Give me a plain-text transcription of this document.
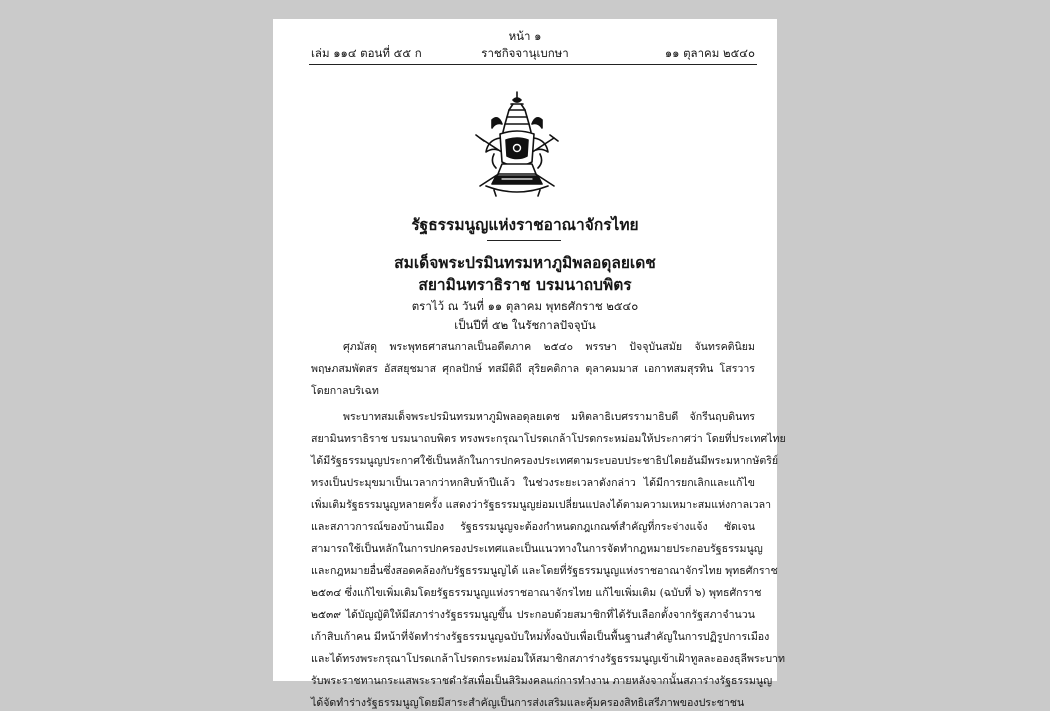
หน้า ๑
เล่ม ๑๑๔ ตอนที่ ๕๕ ก	ราชกิจจานุเบกษา	๑๑ ตุลาคม ๒๕๔๐
รัฐธรรมนูญแห่งราชอาณาจักรไทย
สมเด็จพระปรมินทรมหาภูมิพลอดุลยเดช
สยามินทราธิราช บรมนาถบพิตร
ตราไว้ ณ วันที่ ๑๑ ตุลาคม พุทธศักราช ๒๕๔๐
เป็นปีที่ ๕๒ ในรัชกาลปัจจุบัน
ศุภมัสดุ พระพุทธศาสนกาลเป็นอดีตภาค ๒๕๔๐ พรรษา ปัจจุบันสมัย จันทรคตินิยม
พฤษภสมพัตสร อัสสยุชมาส ศุกลปักษ์ ทสมีดิถี สุริยคติกาล ตุลาคมมาส เอกาทสมสุรทิน โสรวาร
โดยกาลบริเฉท
พระบาทสมเด็จพระปรมินทรมหาภูมิพลอดุลยเดช มหิตลาธิเบศรรามาธิบดี จักรีนฤบดินทร
สยามินทราธิราช บรมนาถบพิตร ทรงพระกรุณาโปรดเกล้าโปรดกระหม่อมให้ประกาศว่า โดยที่ประเทศไทย
ได้มีรัฐธรรมนูญประกาศใช้เป็นหลักในการปกครองประเทศตามระบอบประชาธิปไตยอันมีพระมหากษัตริย์
ทรงเป็นประมุขมาเป็นเวลากว่าหกสิบห้าปีแล้ว ในช่วงระยะเวลาดังกล่าว ได้มีการยกเลิกและแก้ไข
เพิ่มเติมรัฐธรรมนูญหลายครั้ง แสดงว่ารัฐธรรมนูญย่อมเปลี่ยนแปลงได้ตามความเหมาะสมแห่งกาลเวลา
และสภาวการณ์ของบ้านเมือง รัฐธรรมนูญจะต้องกำหนดกฎเกณฑ์สำคัญที่กระจ่างแจ้ง ชัดเจน
สามารถใช้เป็นหลักในการปกครองประเทศและเป็นแนวทางในการจัดทำกฎหมายประกอบรัฐธรรมนูญ
และกฎหมายอื่นซึ่งสอดคล้องกับรัฐธรรมนูญได้ และโดยที่รัฐธรรมนูญแห่งราชอาณาจักรไทย พุทธศักราช
๒๕๓๔ ซึ่งแก้ไขเพิ่มเติมโดยรัฐธรรมนูญแห่งราชอาณาจักรไทย แก้ไขเพิ่มเติม (ฉบับที่ ๖) พุทธศักราช
๒๕๓๙ ได้บัญญัติให้มีสภาร่างรัฐธรรมนูญขึ้น ประกอบด้วยสมาชิกที่ได้รับเลือกตั้งจากรัฐสภาจำนวน
เก้าสิบเก้าคน มีหน้าที่จัดทำร่างรัฐธรรมนูญฉบับใหม่ทั้งฉบับเพื่อเป็นพื้นฐานสำคัญในการปฏิรูปการเมือง
และได้ทรงพระกรุณาโปรดเกล้าโปรดกระหม่อมให้สมาชิกสภาร่างรัฐธรรมนูญเข้าเฝ้าทูลละอองธุลีพระบาท
รับพระราชทานกระแสพระราชดำรัสเพื่อเป็นสิริมงคลแก่การทำงาน ภายหลังจากนั้นสภาร่างรัฐธรรมนูญ
ได้จัดทำร่างรัฐธรรมนูญโดยมีสาระสำคัญเป็นการส่งเสริมและคุ้มครองสิทธิเสรีภาพของประชาชน
